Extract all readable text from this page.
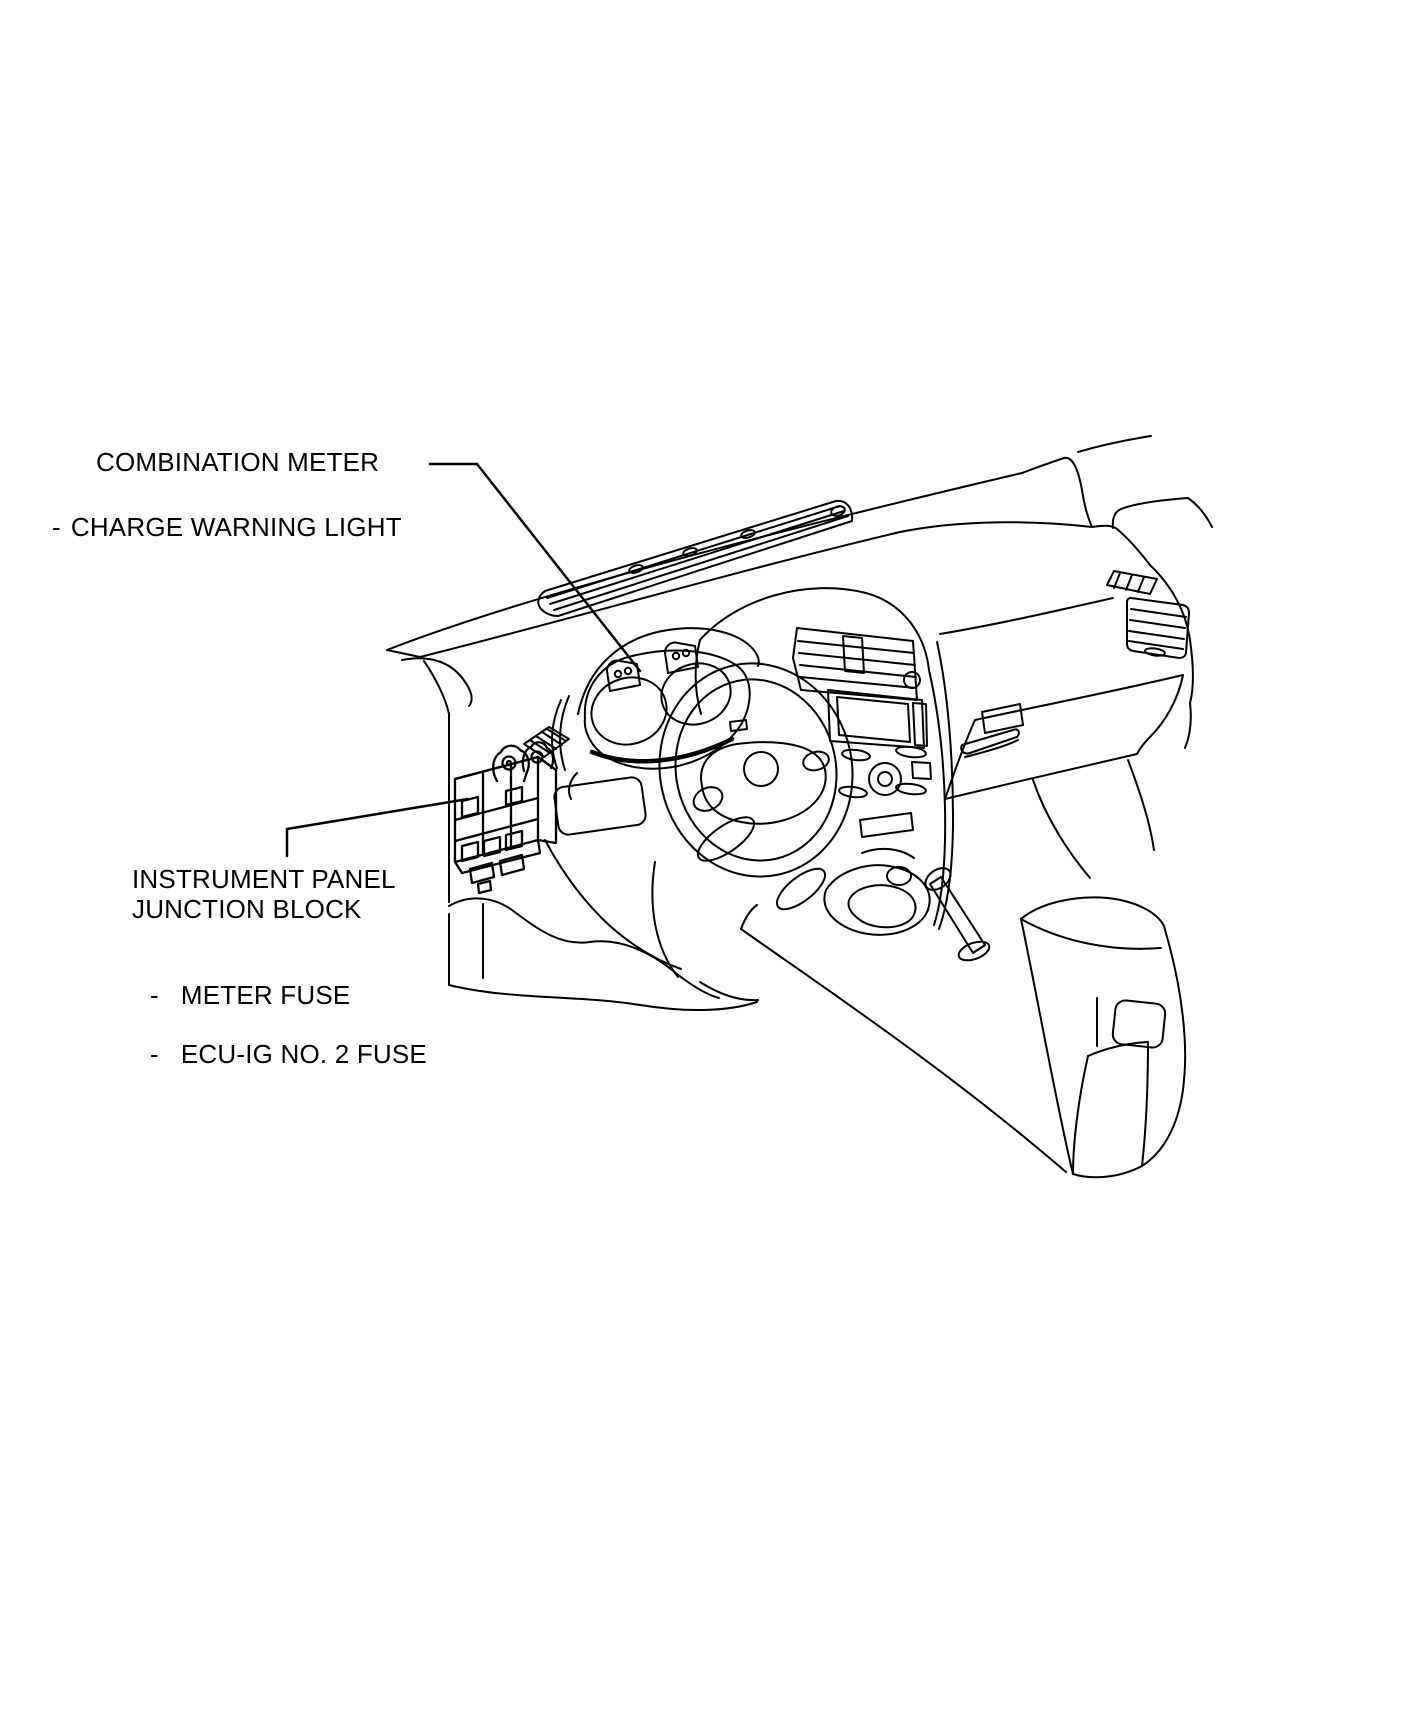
COMBINATION METER
- CHARGE WARNING LIGHT
INSTRUMENT PANEL
JUNCTION BLOCK
- METER FUSE
- ECU-IG NO. 2 FUSE
